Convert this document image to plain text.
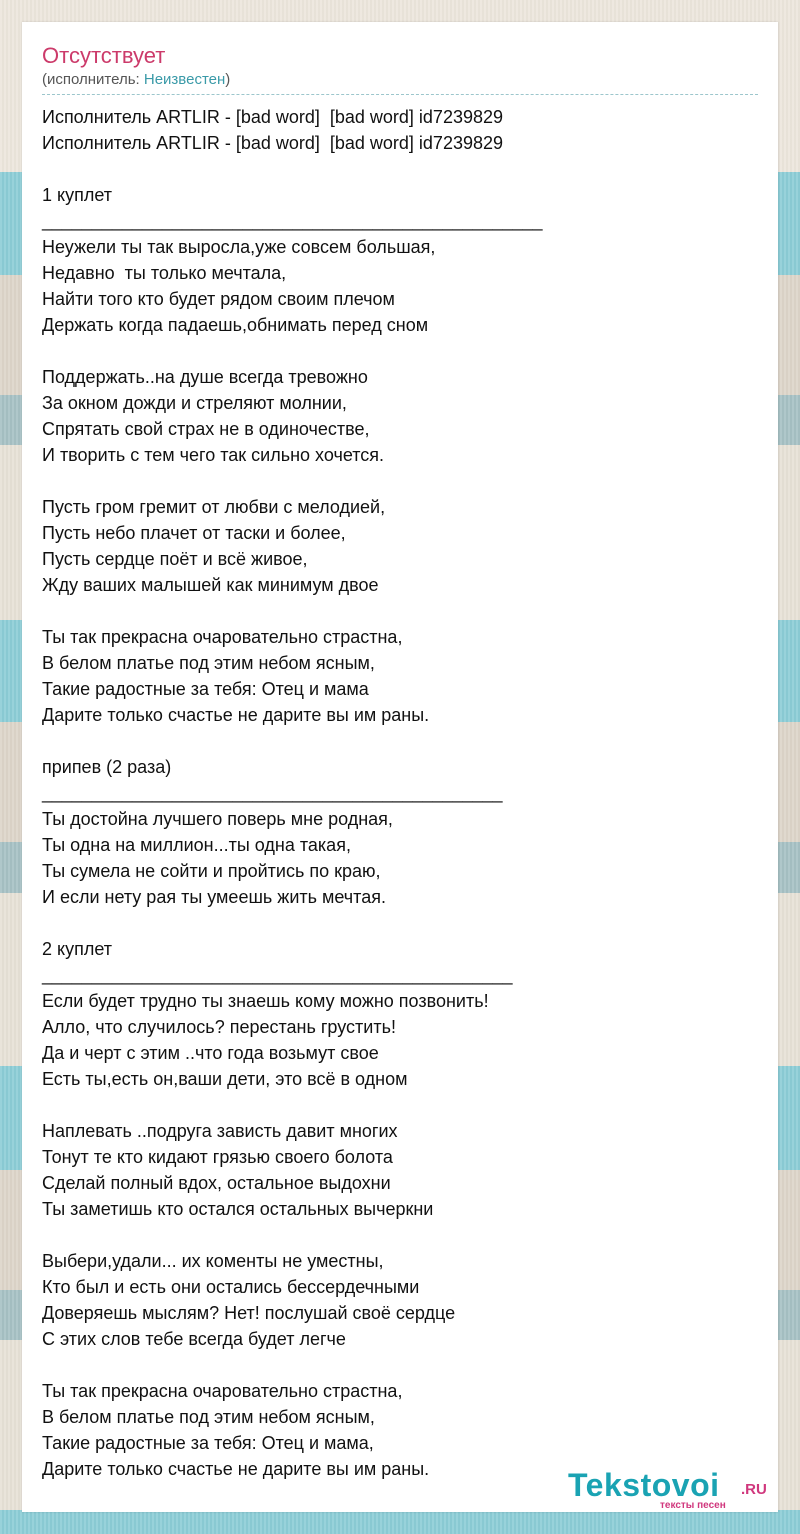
Отсутствует
(исполнитель: Неизвестен)
Исполнитель ARTLIR - [bad word]  [bad word] id7239829
Исполнитель ARTLIR - [bad word]  [bad word] id7239829
1 куплет
__________________________________________________
Неужели ты так выросла,уже совсем большая,
Недавно  ты только мечтала,
Найти того кто будет рядом своим плечом
Держать когда падаешь,обнимать перед сном
Поддержать..на душе всегда тревожно
За окном дожди и стреляют молнии,
Спрятать свой страх не в одиночестве,
И творить с тем чего так сильно хочется.
Пусть гром гремит от любви с мелодией,
Пусть небо плачет от таски и более,
Пусть сердце поёт и всё живое,
Жду ваших малышей как минимум двое
Ты так прекрасна очаровательно страстна,
В белом платье под этим небом ясным,
Такие радостные за тебя: Отец и мама
Дарите только счастье не дарите вы им раны.
припев (2 раза)
______________________________________________
Ты достойна лучшего поверь мне родная,
Ты одна на миллион...ты одна такая,
Ты сумела не сойти и пройтись по краю,
И если нету рая ты умеешь жить мечтая.
2 куплет
_______________________________________________
Если будет трудно ты знаешь кому можно позвонить!
Алло, что случилось? перестань грустить!
Да и черт с этим ..что года возьмут свое
Есть ты,есть он,ваши дети, это всё в одном
Наплевать ..подруга зависть давит многих
Тонут те кто кидают грязью своего болота
Сделай полный вдох, остальное выдохни
Ты заметишь кто остался остальных вычеркни
Выбери,удали... их коменты не уместны,
Кто был и есть они остались бессердечными
Доверяешь мыслям? Нет! послушай своё сердце
С этих слов тебе всегда будет легче
Ты так прекрасна очаровательно страстна,
В белом платье под этим небом ясным,
Такие радостные за тебя: Отец и мама,
Дарите только счастье не дарите вы им раны.	Tekstovoi .RU
тексты песен
